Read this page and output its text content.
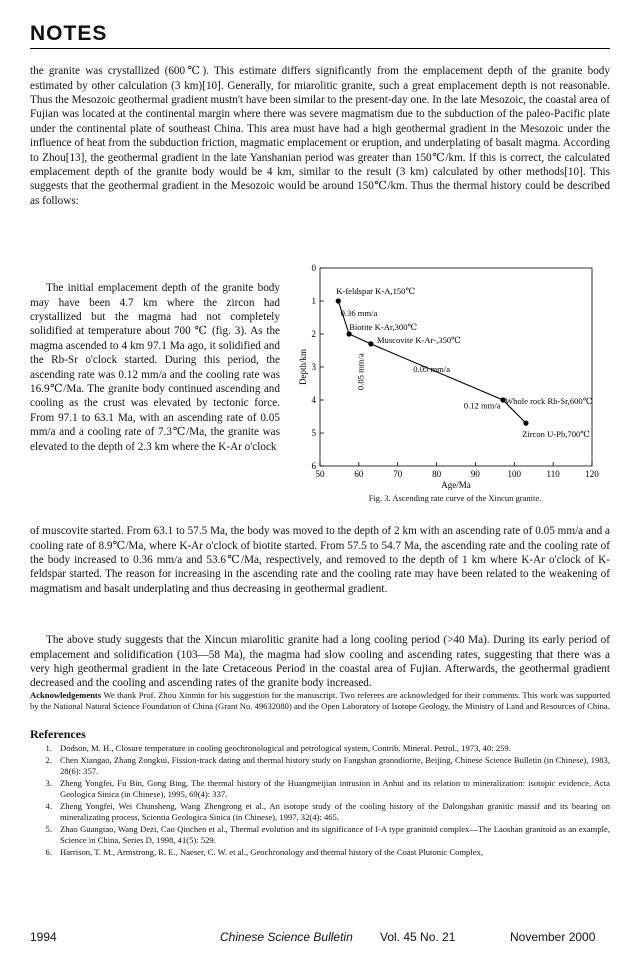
NOTES

the granite was crystallized (600℃). This estimate differs significantly from the emplacement depth of the granite body estimated by other calculation (3 km)[10]. Generally, for miarolitic granite, such a great emplacement depth is not reasonable. Thus the Mesozoic geothermal gradient mustn't have been similar to the present-day one. In the late Mesozoic, the coastal area of Fujian was located at the continental margin where there was severe magmatism due to the subduction of the paleo-Pacific plate under the continental plate of southeast China. This area must have had a high geothermal gradient in the Mesozoic under the influence of heat from the subduction friction, magmatic emplacement or eruption, and underplating of basalt magma. According to Zhou[13], the geothermal gradient in the late Yanshanian period was greater than 150℃/km. If this is correct, the calculated emplacement depth of the granite body would be 4 km, similar to the result (3 km) calculated by other methods[10]. This suggests that the geothermal gradient in the Mesozoic would be around 150℃/km. Thus the thermal history could be described as follows:

The initial emplacement depth of the granite body may have been 4.7 km where the zircon had crystallized but the magma had not completely solidified at temperature about 700 ℃ (fig. 3). As the magma ascended to 4 km 97.1 Ma ago, it solidified and the Rb-Sr o'clock started. During this period, the ascending rate was 0.12 mm/a and the cooling rate was 16.9℃/Ma. The granite body continued ascending and cooling as the crust was elevated by tectonic force. From 97.1 to 63.1 Ma, with an ascending rate of 0.05 mm/a and a cooling rate of 7.3℃/Ma, the granite was elevated to the depth of 2.3 km where the K-Ar o'clock

50	60	70	80	90	100	110	120
0
1
2
3
4
5
6
Age/Ma
Depth/km
K-feldspar K-A,150℃
Biotite K-Ar,300℃
Muscovite K-Ar-,350℃
Whole rock Rb-Sr,600℃
Zircon U-Pb,700℃
0.36 mm/a
0.05 mm/a	0.05 mm/a
0.12 mm/a
Fig. 3. Ascending rate curve of the Xincun granite.

of muscovite started. From 63.1 to 57.5 Ma, the body was moved to the depth of 2 km with an ascending rate of 0.05 mm/a and a cooling rate of 8.9℃/Ma, where K-Ar o'clock of biotite started. From 57.5 to 54.7 Ma, the ascending rate and the cooling rate of the body increased to 0.36 mm/a and 53.6℃/Ma, respectively, and removed to the depth of 1 km where K-Ar o'clock of K-feldspar started. The reason for increasing in the ascending rate and the cooling rate may have been related to the weakening of magmatism and basalt underplating and thus decreasing in geothermal gradient.

The above study suggests that the Xincun miarolitic granite had a long cooling period (>40 Ma). During its early period of emplacement and solidification (103—58 Ma), the magma had slow cooling and ascending rates, suggesting that there was a very high geothermal gradient in the late Cretaceous Period in the coastal area of Fujian. Afterwards, the geothermal gradient decreased and the cooling and ascending rates of the granite body increased.

Acknowledgements We thank Prof. Zhou Xinmin for his suggestion for the manuscript. Two referees are acknowledged for their comments. This work was supported by the National Natural Science Foundation of China (Grant No. 49632080) and the Open Laboratory of Isotope Geology, the Ministry of Land and Resources of China.
References
1. Dodson, M. H., Closure temperature in cooling geochronological and petrological system, Contrib. Mineral. Petrol., 1973, 40: 259.
2. Chen Xiangao, Zhang Zongkui, Fission-track dating and thermal history study on Fangshan granodiorite, Beijing, Chinese Science Bulletin (in Chinese), 1983, 28(6): 357.
3. Zheng Yongfei, Fu Bin, Gong Bing, The thermal history of the Huangmeijian intrusion in Anhui and its relation to mineralization: isotopic evidence, Acta Geologica Sinica (in Chinese), 1995, 69(4): 337.
4. Zheng Yongfei, Wei Chunsheng, Wang Zhengrong et al., An isotope study of the cooling history of the Dalongshan granitic massif and its bearing on mineralizating process, Scientia Geologica Sinica (in Chinese), 1997, 32(4): 465.
5. Zhao Guangtao, Wang Dezi, Cao Qinchen et al., Thermal evolution and its significance of I-A type granitoid complex—The Laoshan granitoid as an example, Science in China, Series D, 1998, 41(5): 529.
6. Harrison, T. M., Armstrong, R. E., Naeser, C. W. et al., Geochronology and thermal history of the Coast Plutonic Complex,
1994	Chinese Science Bulletin Vol. 45 No. 21	November 2000
